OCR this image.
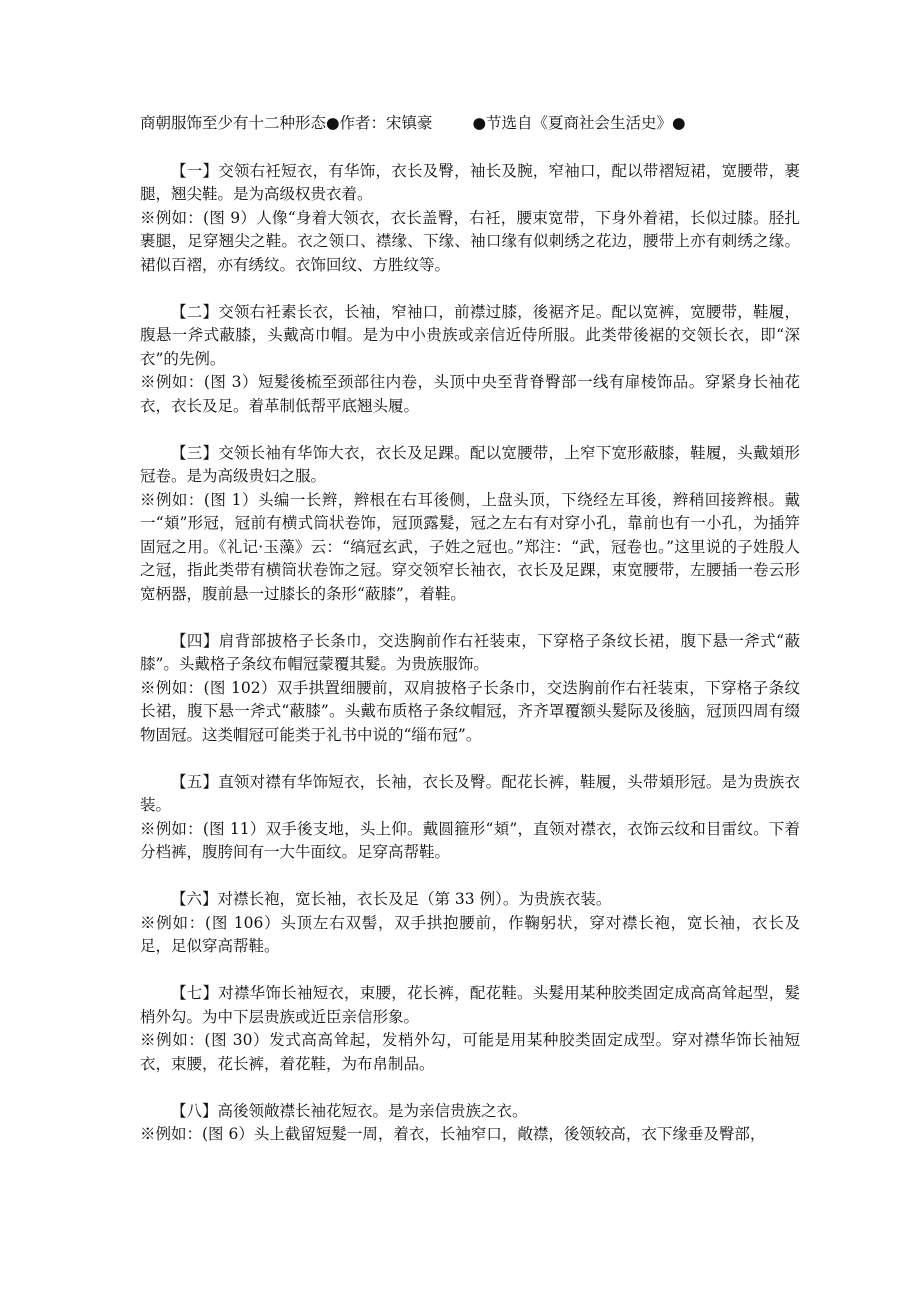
商朝服饰至少有十二种形态●作者：宋镇豪	●节选自《夏商社会生活史》●

【一】交领右衽短衣，有华饰，衣长及臀，袖长及腕，窄袖口，配以带褶短裙，宽腰带，裹腿，翘尖鞋。是为高级权贵衣着。

※例如：(图 9）人像“身着大领衣，衣长盖臀，右衽，腰束宽带，下身外着裙，长似过膝。胫扎裹腿，足穿翘尖之鞋。衣之领口、襟缘、下缘、袖口缘有似刺绣之花边，腰带上亦有刺绣之缘。裙似百褶，亦有绣纹。衣饰回纹、方胜纹等。

【二】交领右衽素长衣，长袖，窄袖口，前襟过膝，後裾齐足。配以宽裤，宽腰带，鞋履，腹悬一斧式蔽膝，头戴高巾帽。是为中小贵族或亲信近侍所服。此类带後裾的交领长衣，即“深衣”的先例。

※例如：(图 3）短髮後梳至颈部往内卷，头顶中央至背脊臀部一线有扉棱饰品。穿紧身长袖花衣，衣长及足。着革制低帮平底翘头履。

【三】交领长袖有华饰大衣，衣长及足踝。配以宽腰带，上窄下宽形蔽膝，鞋履，头戴頍形冠卷。是为高级贵妇之服。

※例如：(图 1）头编一长辫，辫根在右耳後侧，上盘头顶，下绕经左耳後，辫稍回接辫根。戴一“頍”形冠，冠前有横式筒状卷饰，冠顶露髮，冠之左右有对穿小孔，靠前也有一小孔，为插笄固冠之用。《礼记·玉藻》云：“缟冠玄武，子姓之冠也。”郑注：“武，冠卷也。”这里说的子姓殷人之冠，指此类带有横筒状卷饰之冠。穿交领窄长袖衣，衣长及足踝，束宽腰带，左腰插一卷云形宽柄器，腹前悬一过膝长的条形“蔽膝”，着鞋。

【四】肩背部披格子长条巾，交迭胸前作右衽装束，下穿格子条纹长裙，腹下悬一斧式“蔽膝”。头戴格子条纹布帽冠蒙覆其髮。为贵族服饰。

※例如：(图 102）双手拱置细腰前，双肩披格子长条巾，交迭胸前作右衽装束，下穿格子条纹长裙，腹下悬一斧式“蔽膝”。头戴布质格子条纹帽冠，齐齐罩覆额头髮际及後脑，冠顶四周有缀物固冠。这类帽冠可能类于礼书中说的“缁布冠”。

【五】直领对襟有华饰短衣，长袖，衣长及臀。配花长裤，鞋履，头带頍形冠。是为贵族衣装。

※例如：(图 11）双手後支地，头上仰。戴圆箍形“頍”，直领对襟衣，衣饰云纹和目雷纹。下着分档裤，腹胯间有一大牛面纹。足穿高帮鞋。

【六】对襟长袍，宽长袖，衣长及足（第 33 例）。为贵族衣装。

※例如：(图 106）头顶左右双髻，双手拱抱腰前，作鞠躬状，穿对襟长袍，宽长袖，衣长及足，足似穿高帮鞋。

【七】对襟华饰长袖短衣，束腰，花长裤，配花鞋。头髮用某种胶类固定成高高耸起型，髮梢外勾。为中下层贵族或近臣亲信形象。

※例如：(图 30）发式高高耸起，发梢外勾，可能是用某种胶类固定成型。穿对襟华饰长袖短衣，束腰，花长裤，着花鞋，为布帛制品。

【八】高後领敞襟长袖花短衣。是为亲信贵族之衣。

※例如：(图 6）头上截留短髮一周，着衣，长袖窄口，敞襟，後领较高，衣下缘垂及臀部，
